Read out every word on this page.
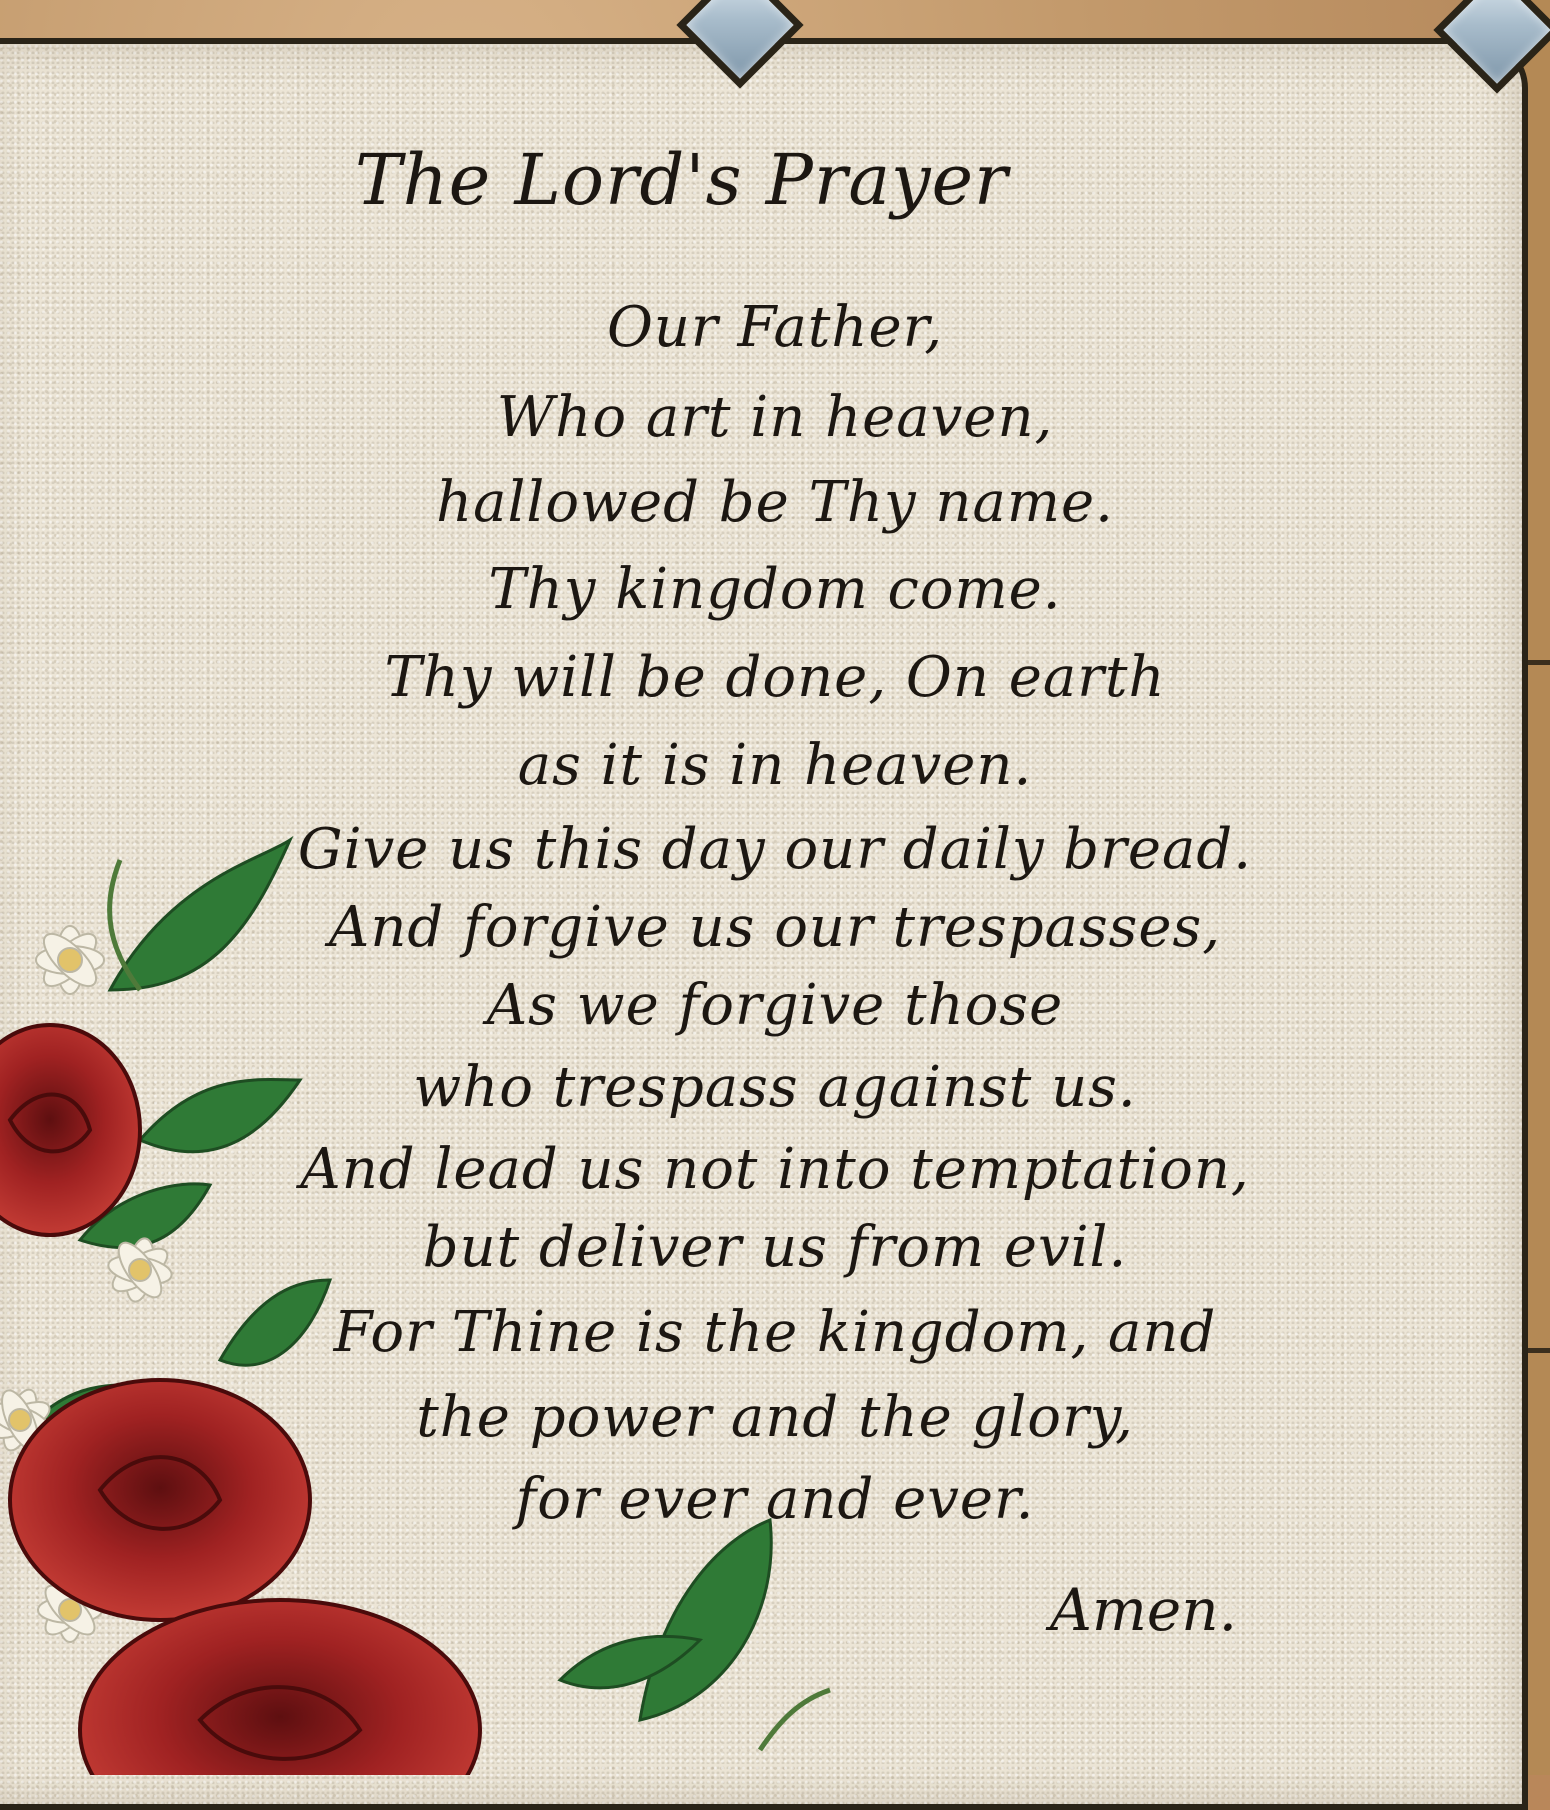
The Lord's Prayer
Our Father,
Who art in heaven,
hallowed be Thy name.
Thy kingdom come.
Thy will be done, On earth
as it is in heaven.
Give us this day our daily bread.
And forgive us our trespasses,
As we forgive those
who trespass against us.
And lead us not into temptation,
but deliver us from evil.
For Thine is the kingdom, and
the power and the glory,
for ever and ever.
Amen.
